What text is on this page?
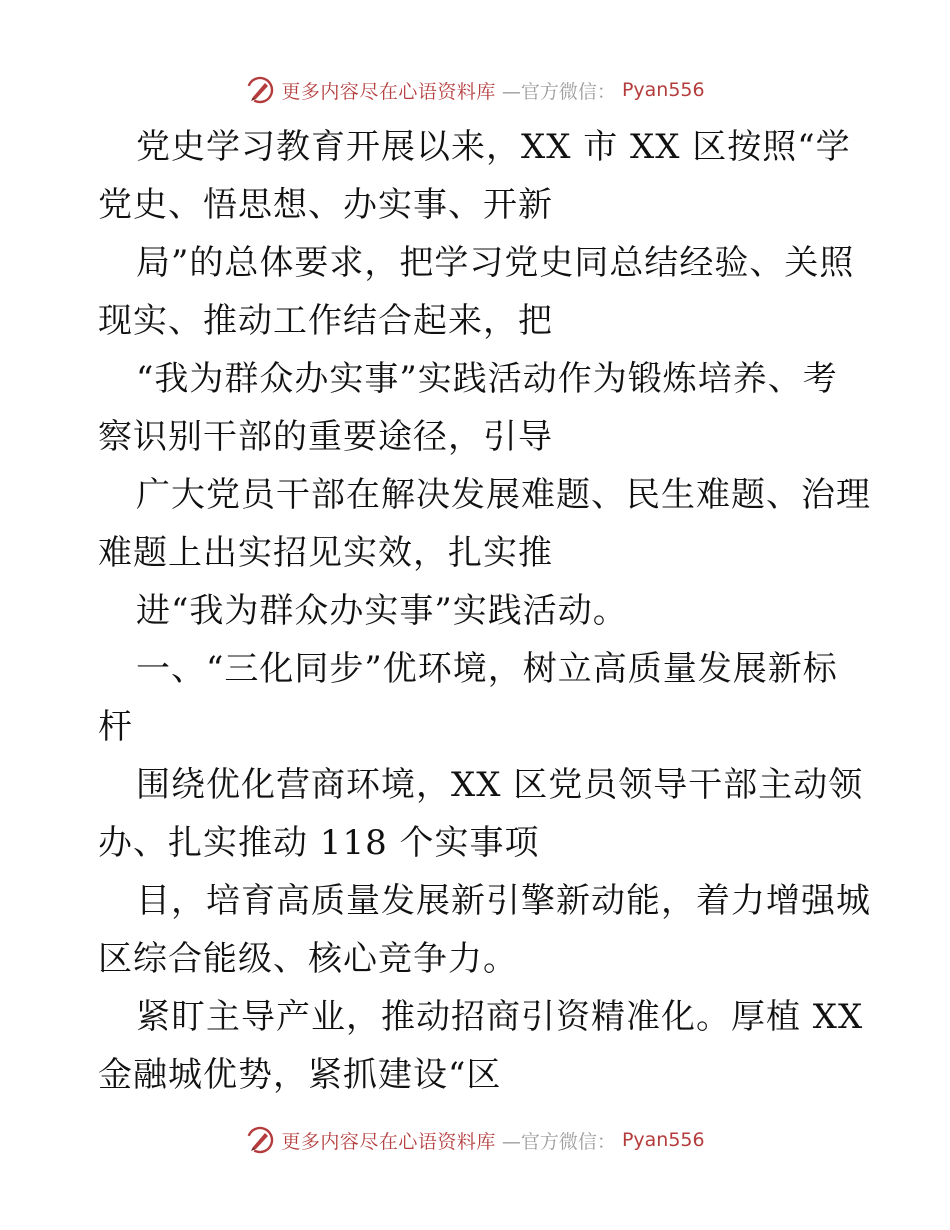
更多内容尽在心语资料库 —官方微信： Pyan556
党史学习教育开展以来，XX 市 XX 区按照“学
党史、悟思想、办实事、开新
局”的总体要求，把学习党史同总结经验、关照
现实、推动工作结合起来，把
“我为群众办实事”实践活动作为锻炼培养、考
察识别干部的重要途径，引导
广大党员干部在解决发展难题、民生难题、治理
难题上出实招见实效，扎实推
进“我为群众办实事”实践活动。
一、“三化同步”优环境，树立高质量发展新标
杆
围绕优化营商环境，XX 区党员领导干部主动领
办、扎实推动 118 个实事项
目，培育高质量发展新引擎新动能，着力增强城
区综合能级、核心竞争力。
紧盯主导产业，推动招商引资精准化。厚植 XX
金融城优势，紧抓建设“区
更多内容尽在心语资料库 —官方微信： Pyan556
